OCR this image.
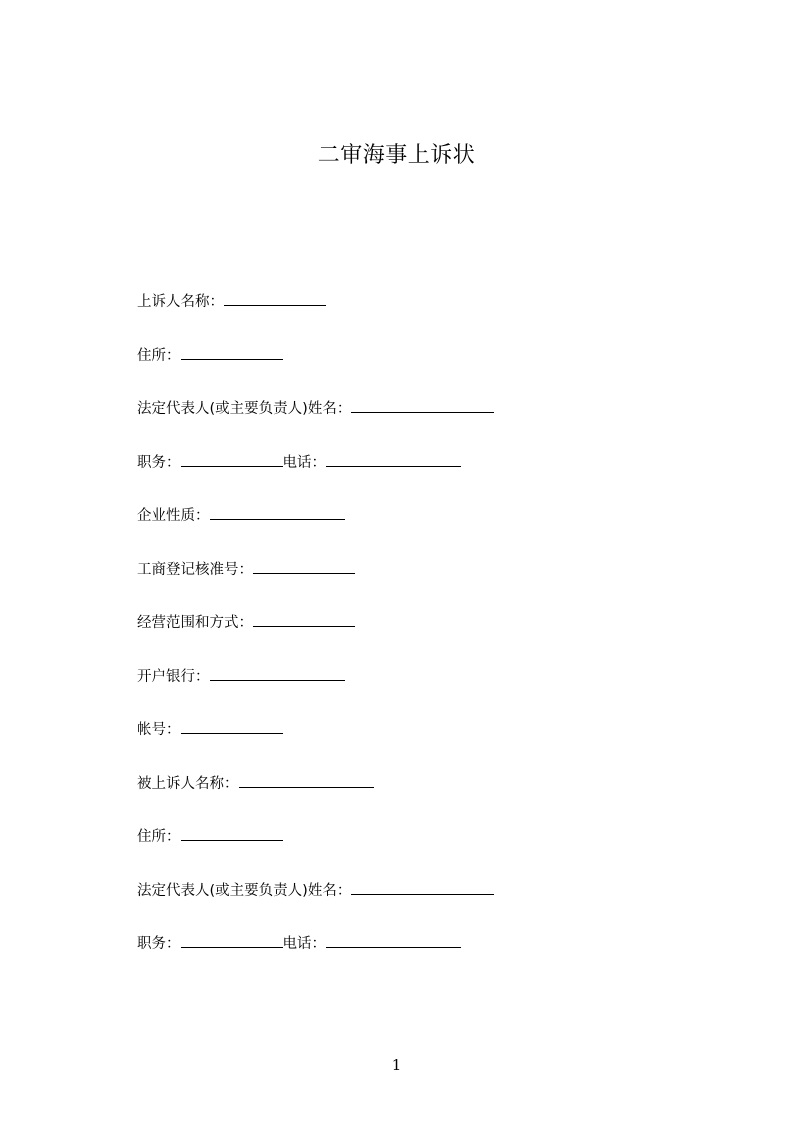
二审海事上诉状
上诉人名称：
住所：
法定代表人(或主要负责人)姓名：
职务：	电话：
企业性质：
工商登记核准号：
经营范围和方式：
开户银行：
帐号：
被上诉人名称：
住所：
法定代表人(或主要负责人)姓名：
职务：	电话：
1
